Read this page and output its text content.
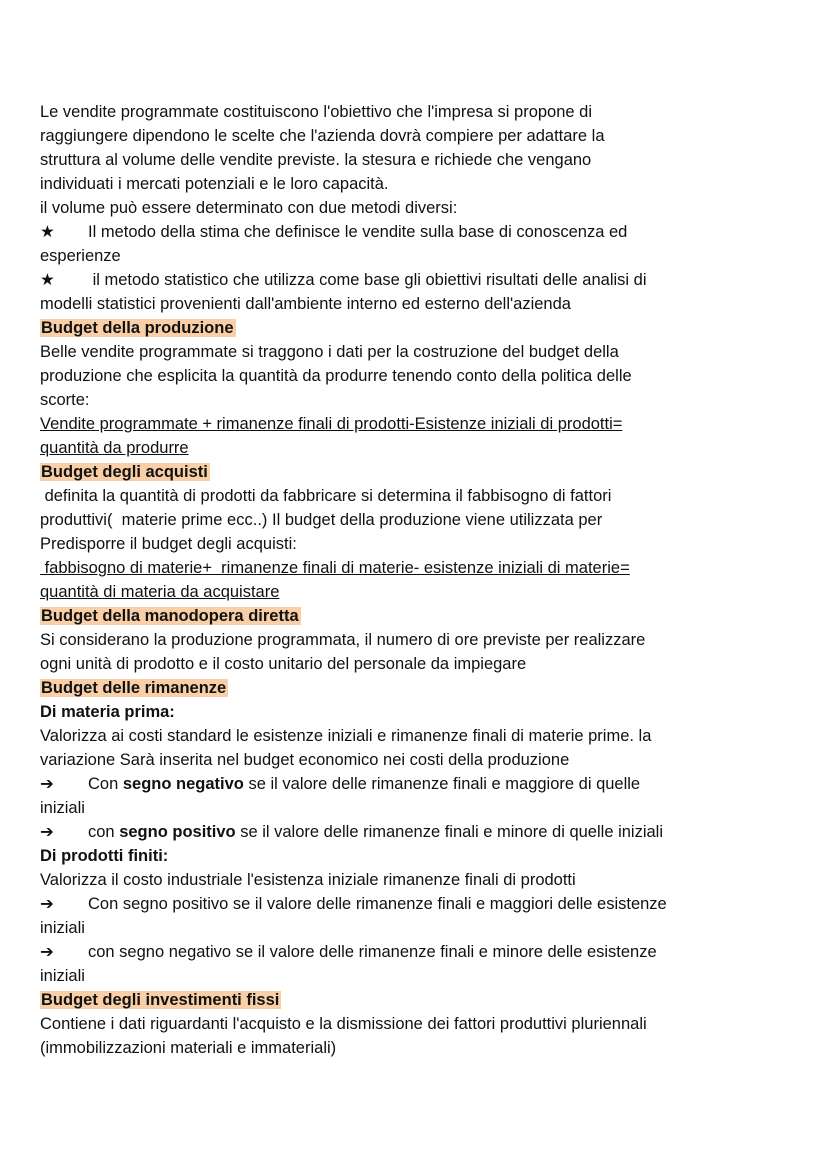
Le vendite programmate costituiscono l'obiettivo che l'impresa si propone di

raggiungere dipendono le scelte che l'azienda dovrà compiere per adattare la

struttura al volume delle vendite previste. la stesura e richiede che vengano

individuati i mercati potenziali e le loro capacità.

il volume può essere determinato con due metodi diversi:

★	Il metodo della stima che definisce le vendite sulla base di conoscenza ed

esperienze

★	il metodo statistico che utilizza come base gli obiettivi risultati delle analisi di

modelli statistici provenienti dall'ambiente interno ed esterno dell'azienda

Budget della produzione

Belle vendite programmate si traggono i dati per la costruzione del budget della

produzione che esplicita la quantità da produrre tenendo conto della politica delle

scorte:

Vendite programmate + rimanenze finali di prodotti-Esistenze iniziali di prodotti=

quantità da produrre

Budget degli acquisti

definita la quantità di prodotti da fabbricare si determina il fabbisogno di fattori

produttivi(  materie prime ecc..) Il budget della produzione viene utilizzata per

Predisporre il budget degli acquisti:

fabbisogno di materie+  rimanenze finali di materie- esistenze iniziali di materie=

quantità di materia da acquistare

Budget della manodopera diretta

Si considerano la produzione programmata, il numero di ore previste per realizzare

ogni unità di prodotto e il costo unitario del personale da impiegare

Budget delle rimanenze

Di materia prima:

Valorizza ai costi standard le esistenze iniziali e rimanenze finali di materie prime. la

variazione Sarà inserita nel budget economico nei costi della produzione

➔	Con segno negativo se il valore delle rimanenze finali e maggiore di quelle

iniziali

➔	con segno positivo se il valore delle rimanenze finali e minore di quelle iniziali

Di prodotti finiti:

Valorizza il costo industriale l'esistenza iniziale rimanenze finali di prodotti

➔	Con segno positivo se il valore delle rimanenze finali e maggiori delle esistenze

iniziali

➔	con segno negativo se il valore delle rimanenze finali e minore delle esistenze

iniziali

Budget degli investimenti fissi

Contiene i dati riguardanti l'acquisto e la dismissione dei fattori produttivi pluriennali

(immobilizzazioni materiali e immateriali)
